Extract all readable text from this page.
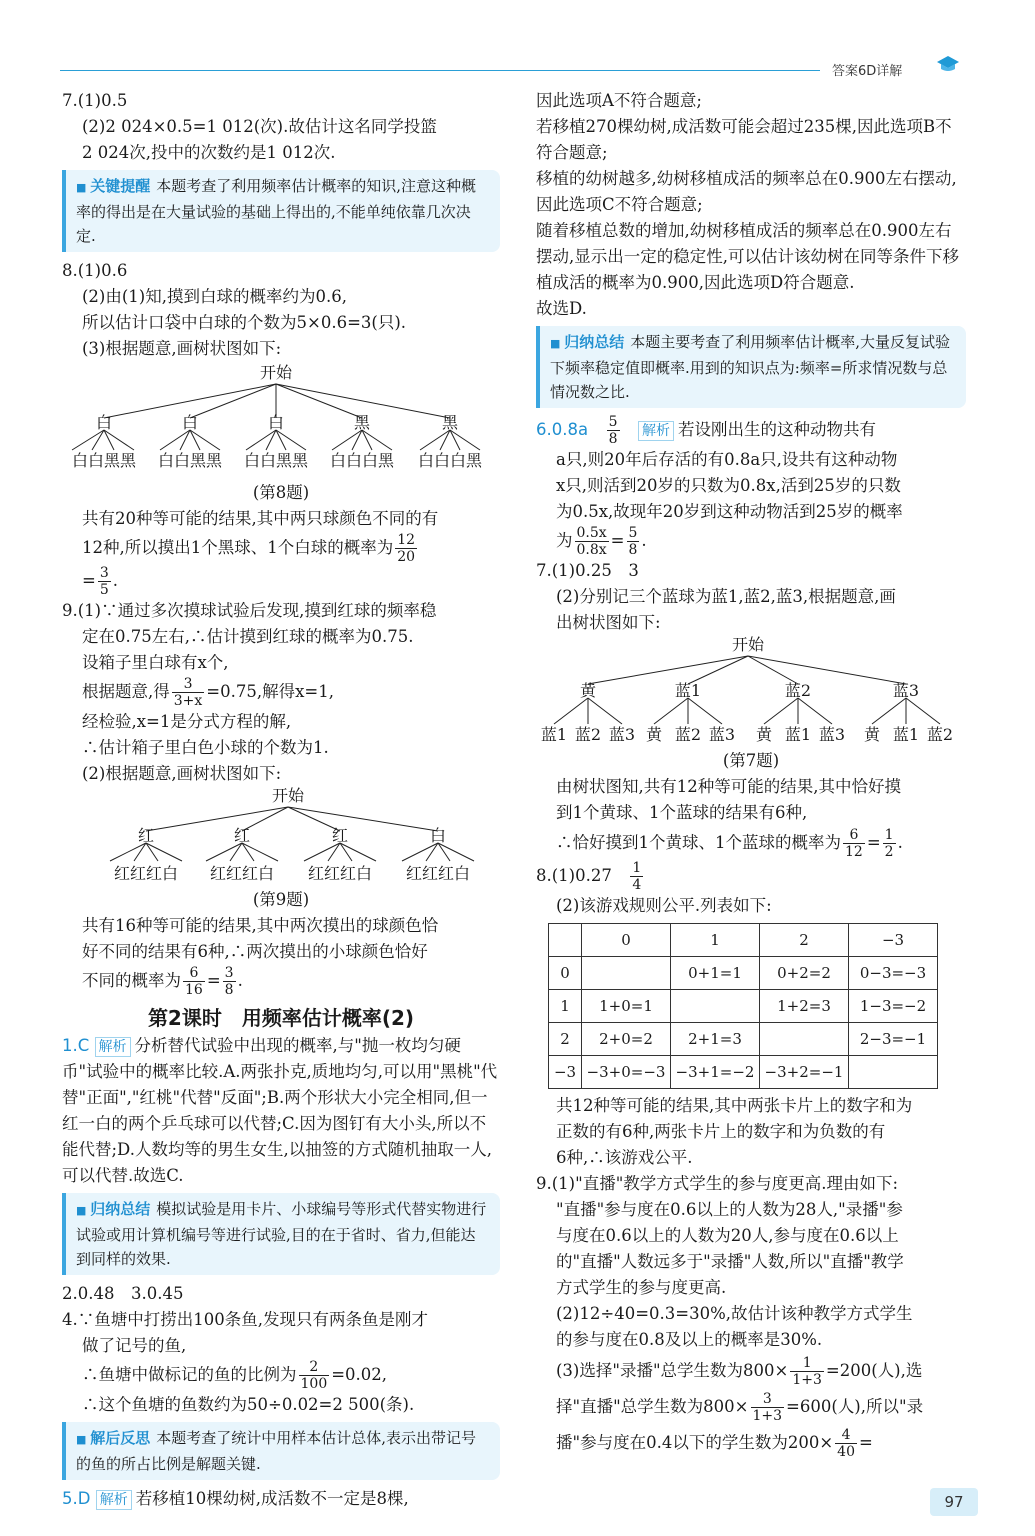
答案6D详解

7.(1)0.5

(2)2 024×0.5=1 012(次).故估计这名同学投篮

2 024次,投中的次数约是1 012次.

■ 关键提醒 本题考查了利用频率估计概率的知识,注意这种概率的得出是在大量试验的基础上得出的,不能单纯依靠几次决定.

8.(1)0.6

(2)由(1)知,摸到白球的概率约为0.6,

所以估计口袋中白球的个数为5×0.6=3(只).

(3)根据题意,画树状图如下:

开始
白	白	白	黑	黑
白白黑黑 白白黑黑 白白黑黑 白白白黑 白白白黑

(第8题)

共有20种等可能的结果,其中两只球颜色不同的有

12种,所以摸出1个黑球、1个白球的概率为 $\frac{12}{20}$

= $\frac{3}{5}$ .

9.(1)∵通过多次摸球试验后发现,摸到红球的频率稳

定在0.75左右,∴估计摸到红球的概率为0.75.

设箱子里白球有x个,

根据题意,得 $\frac{3}{3+x} =0.75$,解得x=1,

经检验,x=1是分式方程的解,

∴估计箱子里白色小球的个数为1.

(2)根据题意,画树状图如下:

开始
红	红	红	白
红红红白 红红红白 红红红白 红红红白

(第9题)

共有16种等可能的结果,其中两次摸出的球颜色恰

好不同的结果有6种,∴两次摸出的小球颜色恰好

不同的概率为 $\frac{6}{16} = \frac{3}{8}$ .

第2课时　用频率估计概率(2)

1.C 解析 分析替代试验中出现的概率,与"抛一枚均匀硬币"试验中的概率比较.A.两张扑克,质地均匀,可以用"黑桃"代替"正面","红桃"代替"反面";B.两个形状大小完全相同,但一红一白的两个乒乓球可以代替;C.因为图钉有大小头,所以不能代替;D.人数均等的男生女生,以抽签的方式随机抽取一人,可以代替.故选C.

■ 归纳总结 模拟试验是用卡片、小球编号等形式代替实物进行试验或用计算机编号等进行试验,目的在于省时、省力,但能达到同样的效果.

2.0.48　3.0.45

4.∵鱼塘中打捞出100条鱼,发现只有两条鱼是刚才

做了记号的鱼,

∴鱼塘中做标记的鱼的比例为 $\frac{2}{100} =0.02$,

∴这个鱼塘的鱼数约为50÷0.02=2 500(条).

■ 解后反思 本题考查了统计中用样本估计总体,表示出带记号的鱼的所占比例是解题关键.

5.D 解析 若移植10棵幼树,成活数不一定是8棵,

因此选项A不符合题意;

若移植270棵幼树,成活数可能会超过235棵,因此选项B不符合题意;

移植的幼树越多,幼树移植成活的频率总在0.900左右摆动,因此选项C不符合题意;

随着移植总数的增加,幼树移植成活的频率总在0.900左右摆动,显示出一定的稳定性,可以估计该幼树在同等条件下移植成活的概率为0.900,因此选项D符合题意.

故选D.

■ 归纳总结 本题主要考查了利用频率估计概率,大量反复试验下频率稳定值即概率.用到的知识点为:频率=所求情况数与总情况数之比.

6.0.8a　 $\frac{5}{8}$
　 解析 若设刚出生的这种动物共有

a只,则20年后存活的有0.8a只,设共有这种动物

x只,则活到20岁的只数为0.8x,活到25岁的只数

为0.5x,故现年20岁到这种动物活到25岁的概率

为 $\frac{0.5x}{0.8x} = \frac{5}{8}$ .

7.(1)0.25　3

(2)分别记三个蓝球为蓝1,蓝2,蓝3,根据题意,画

出树状图如下:

开始
黄	蓝1	蓝2	蓝3
蓝1 蓝2 蓝3 黄 蓝2 蓝3 黄 蓝1 蓝3 黄 蓝1 蓝2

(第7题)

由树状图知,共有12种等可能的结果,其中恰好摸

到1个黄球、1个蓝球的结果有6种,

∴恰好摸到1个黄球、1个蓝球的概率为 $\frac{6}{12} = \frac{1}{2}$ .

8.(1)0.27　 $\frac{1}{4}$

(2)该游戏规则公平.列表如下:

	0	1	2	−3
0		0+1=1	0+2=2	0−3=−3
1	1+0=1		1+2=3	1−3=−2
2	2+0=2	2+1=3		2−3=−1
−3	−3+0=−3	−3+1=−2	−3+2=−1	

共12种等可能的结果,其中两张卡片上的数字和为

正数的有6种,两张卡片上的数字和为负数的有

6种,∴该游戏公平.

9.(1)"直播"教学方式学生的参与度更高.理由如下:

"直播"参与度在0.6以上的人数为28人,"录播"参

与度在0.6以上的人数为20人,参与度在0.6以上

的"直播"人数远多于"录播"人数,所以"直播"教学

方式学生的参与度更高.

(2)12÷40=0.3=30%,故估计该种教学方式学生

的参与度在0.8及以上的概率是30%.

(3)选择"录播"总学生数为$800\times \frac{1}{1+3} =200$(人),选

择"直播"总学生数为$800\times \frac{3}{1+3} =600$(人),所以"录

播"参与度在0.4以下的学生数为$200\times \frac{4}{40}$ =

97
